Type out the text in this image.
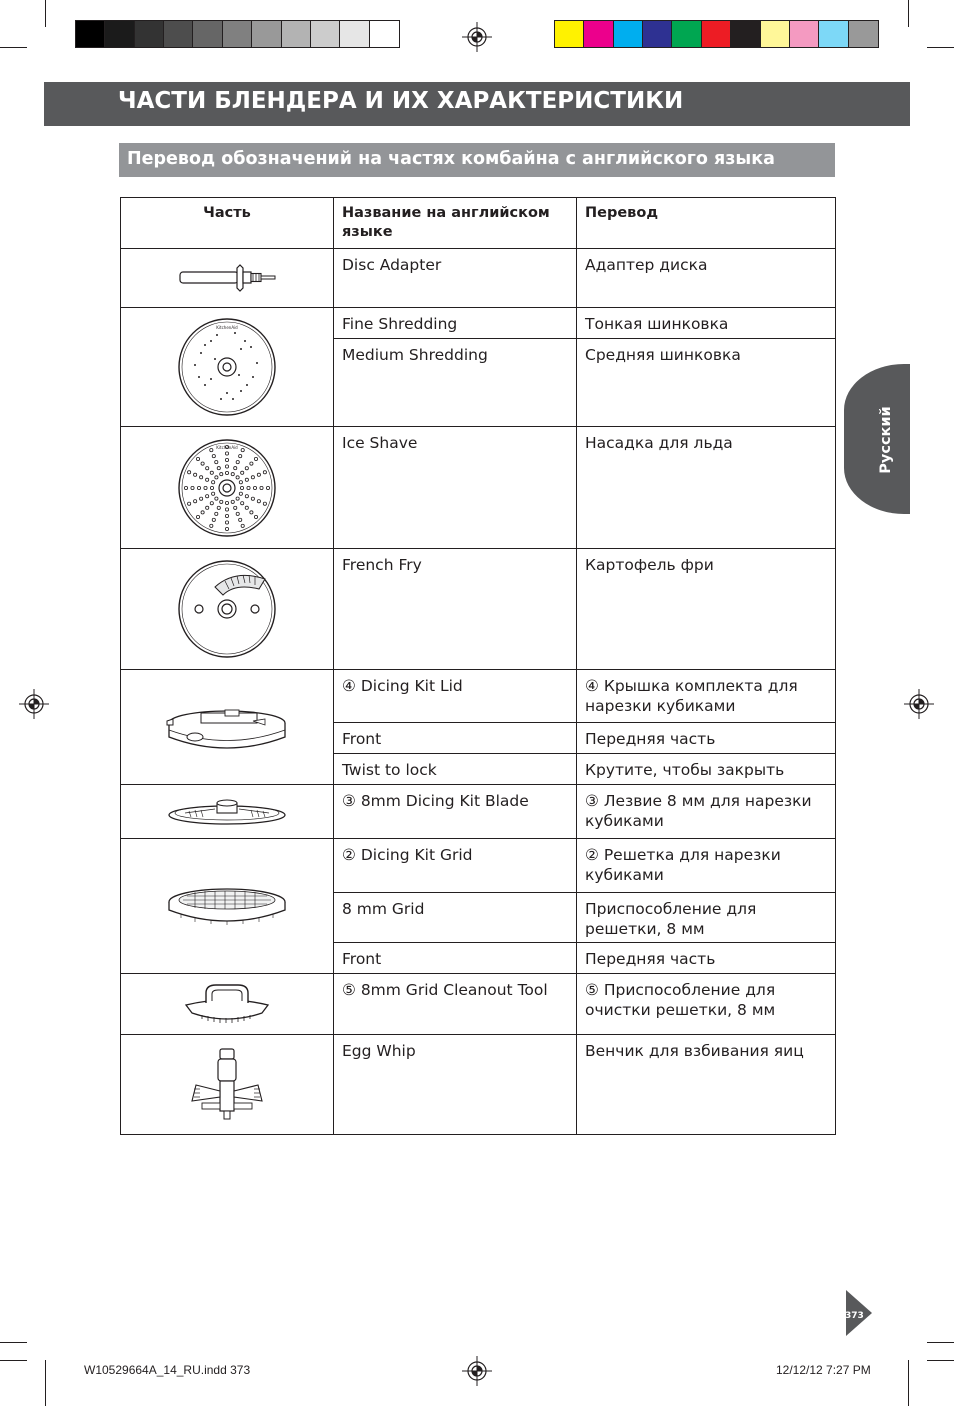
ЧАСТИ БЛЕНДЕРА И ИХ ХАРАКТЕРИСТИКИ
Перевод обозначений на частях комбайна с английского языка
Русский
Часть	Название на английском языке	Перевод

	Disc Adapter	Адаптер диска

KitchenAid	Fine Shredding	Тонкая шинковка
	Medium Shredding	Средняя шинковка

KitchenAid	Ice Shave	Насадка для льда

	French Fry	Картофель фри

	④ Dicing Kit Lid	④ Крышка комплекта для нарезки кубиками
	Front	Передняя часть
	Twist to lock	Крутите, чтобы закрыть

	③ 8mm Dicing Kit Blade	③ Лезвие 8 мм для нарезки кубиками

	② Dicing Kit Grid	② Решетка для нарезки кубиками
	8 mm Grid	Приспособление для решетки, 8 мм
	Front	Передняя часть

	⑤ 8mm Grid Cleanout Tool	⑤ Приспособление для очистки решетки, 8 мм

	Egg Whip	Венчик для взбивания яиц
373
W10529664A_14_RU.indd 373	12/12/12 7:27 PM
